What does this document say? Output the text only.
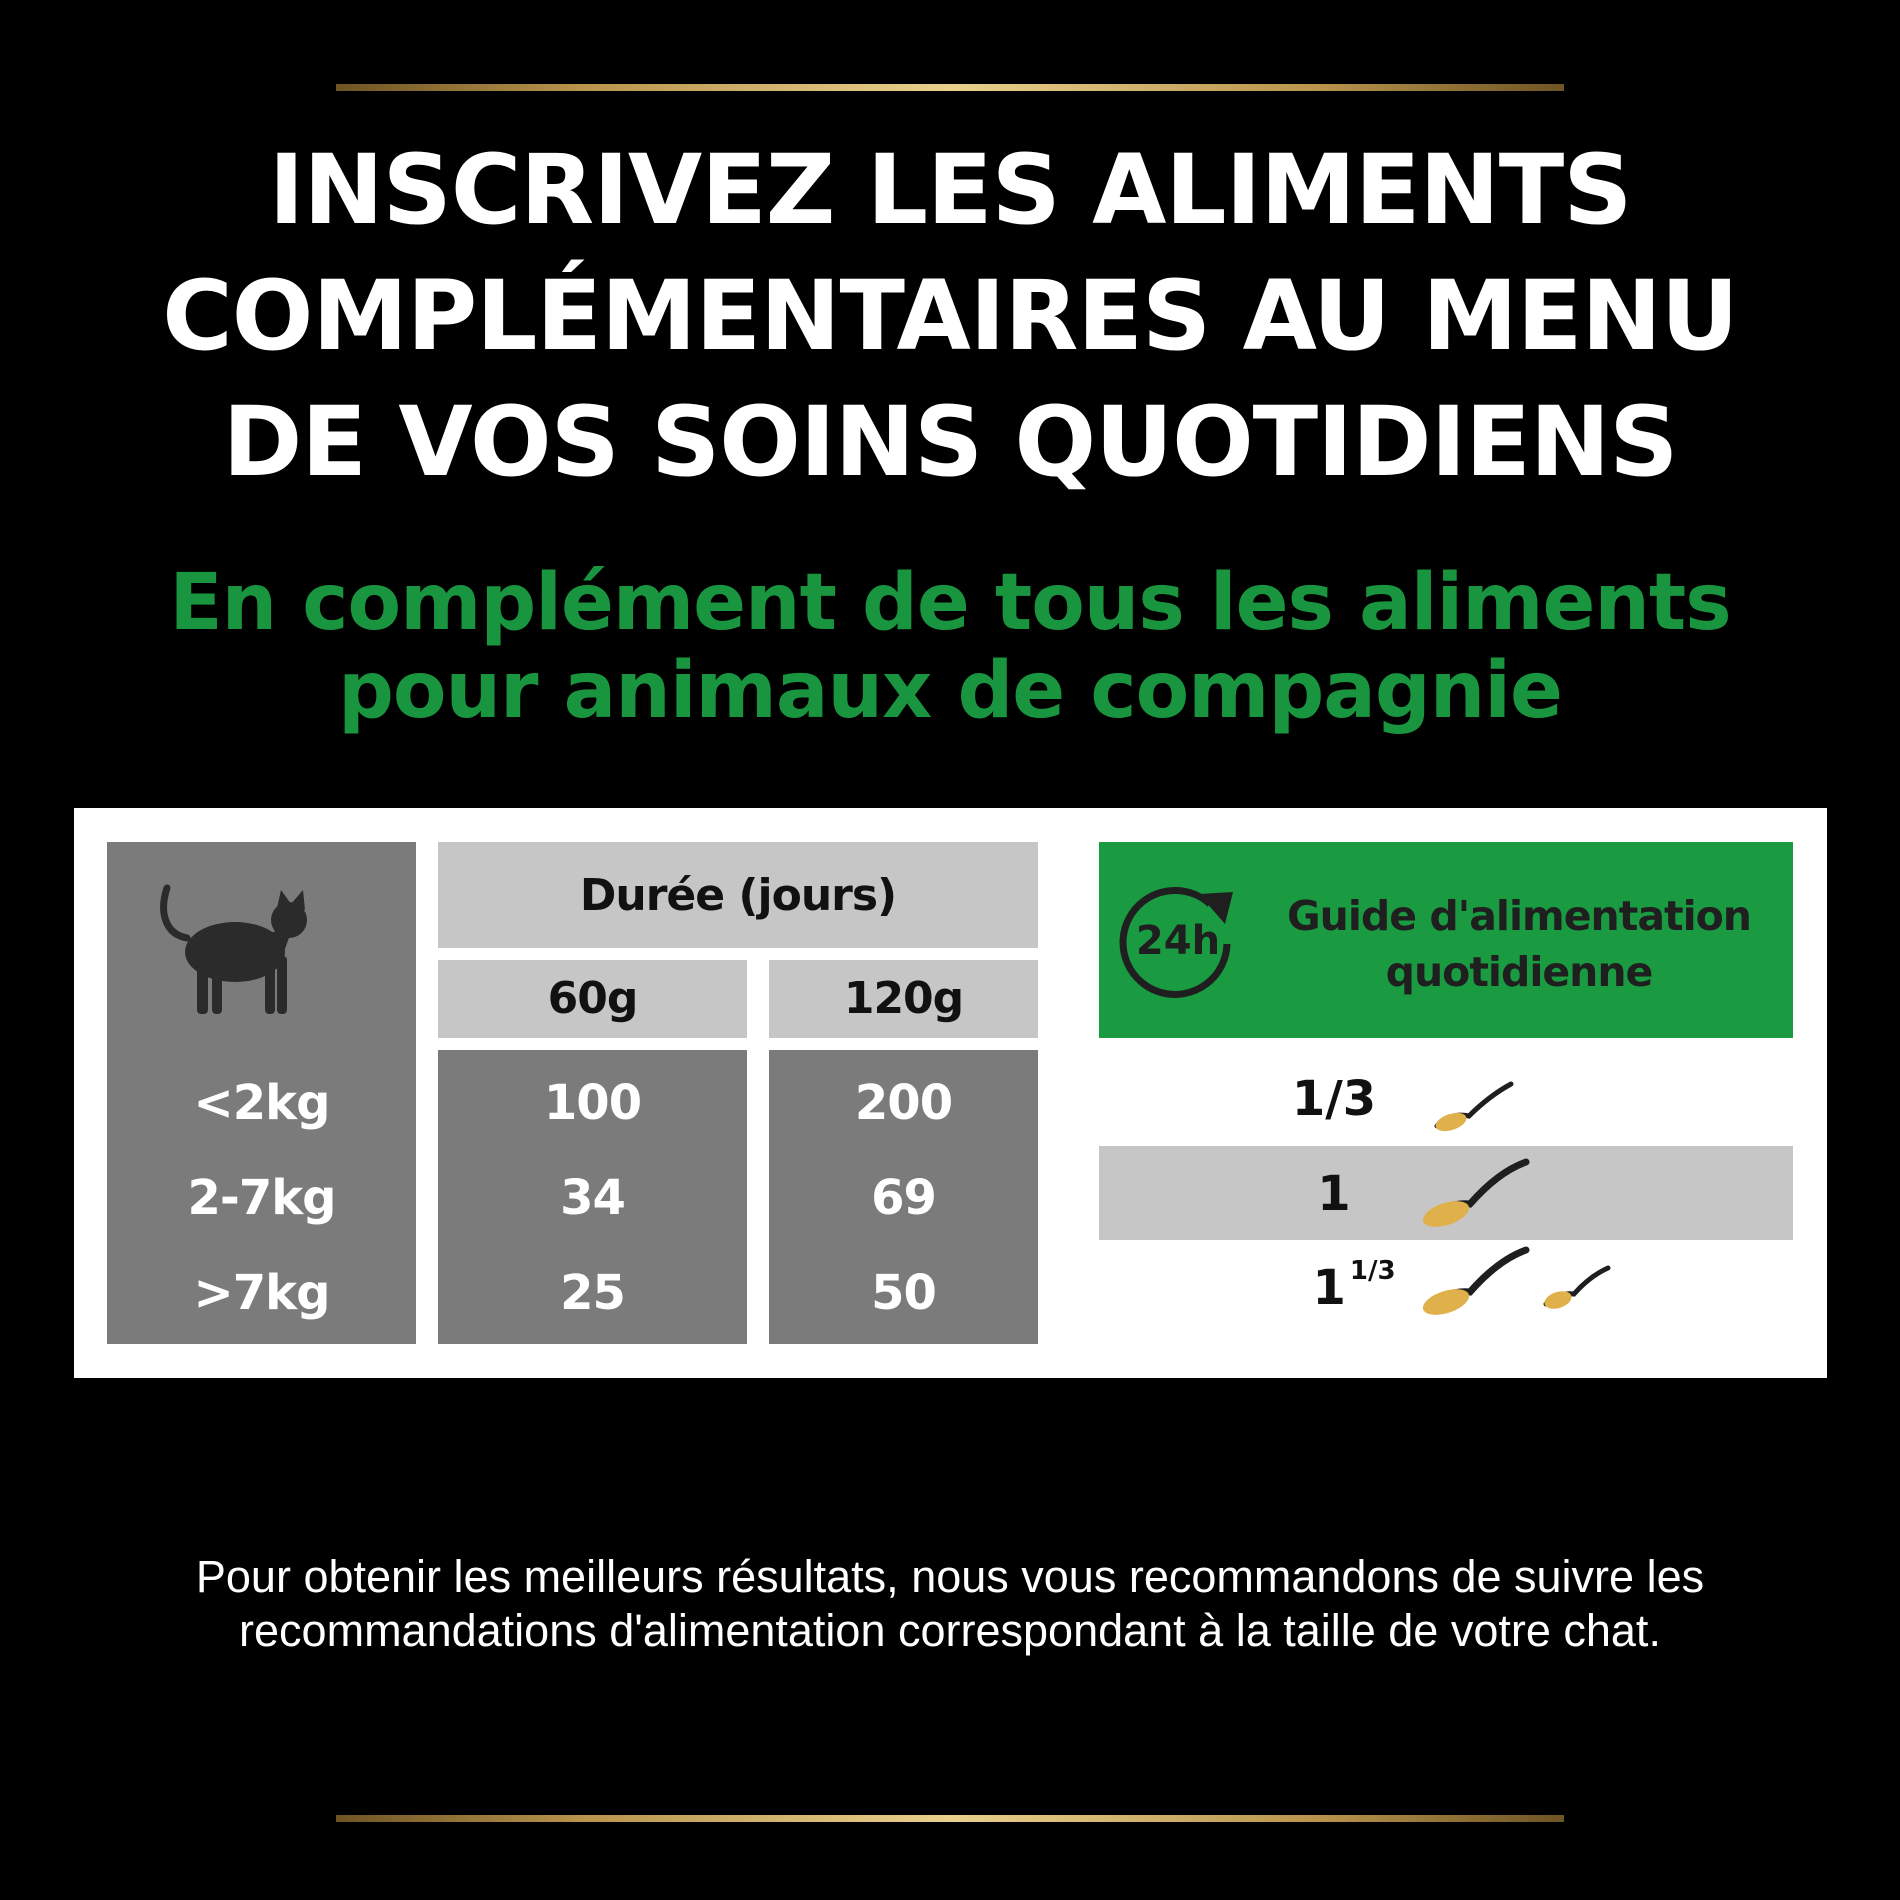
INSCRIVEZ LES ALIMENTS
COMPLÉMENTAIRES AU MENU
DE VOS SOINS QUOTIDIENS
En complément de tous les aliments
pour animaux de compagnie
<2kg
2-7kg
>7kg
Durée (jours)
60g	120g
100
34
25
200
69
50
24h
Guide d'alimentation
quotidienne
1/3
1
1 $^{1/3}$
Pour obtenir les meilleurs résultats, nous vous recommandons de suivre les
recommandations d'alimentation correspondant à la taille de votre chat.
